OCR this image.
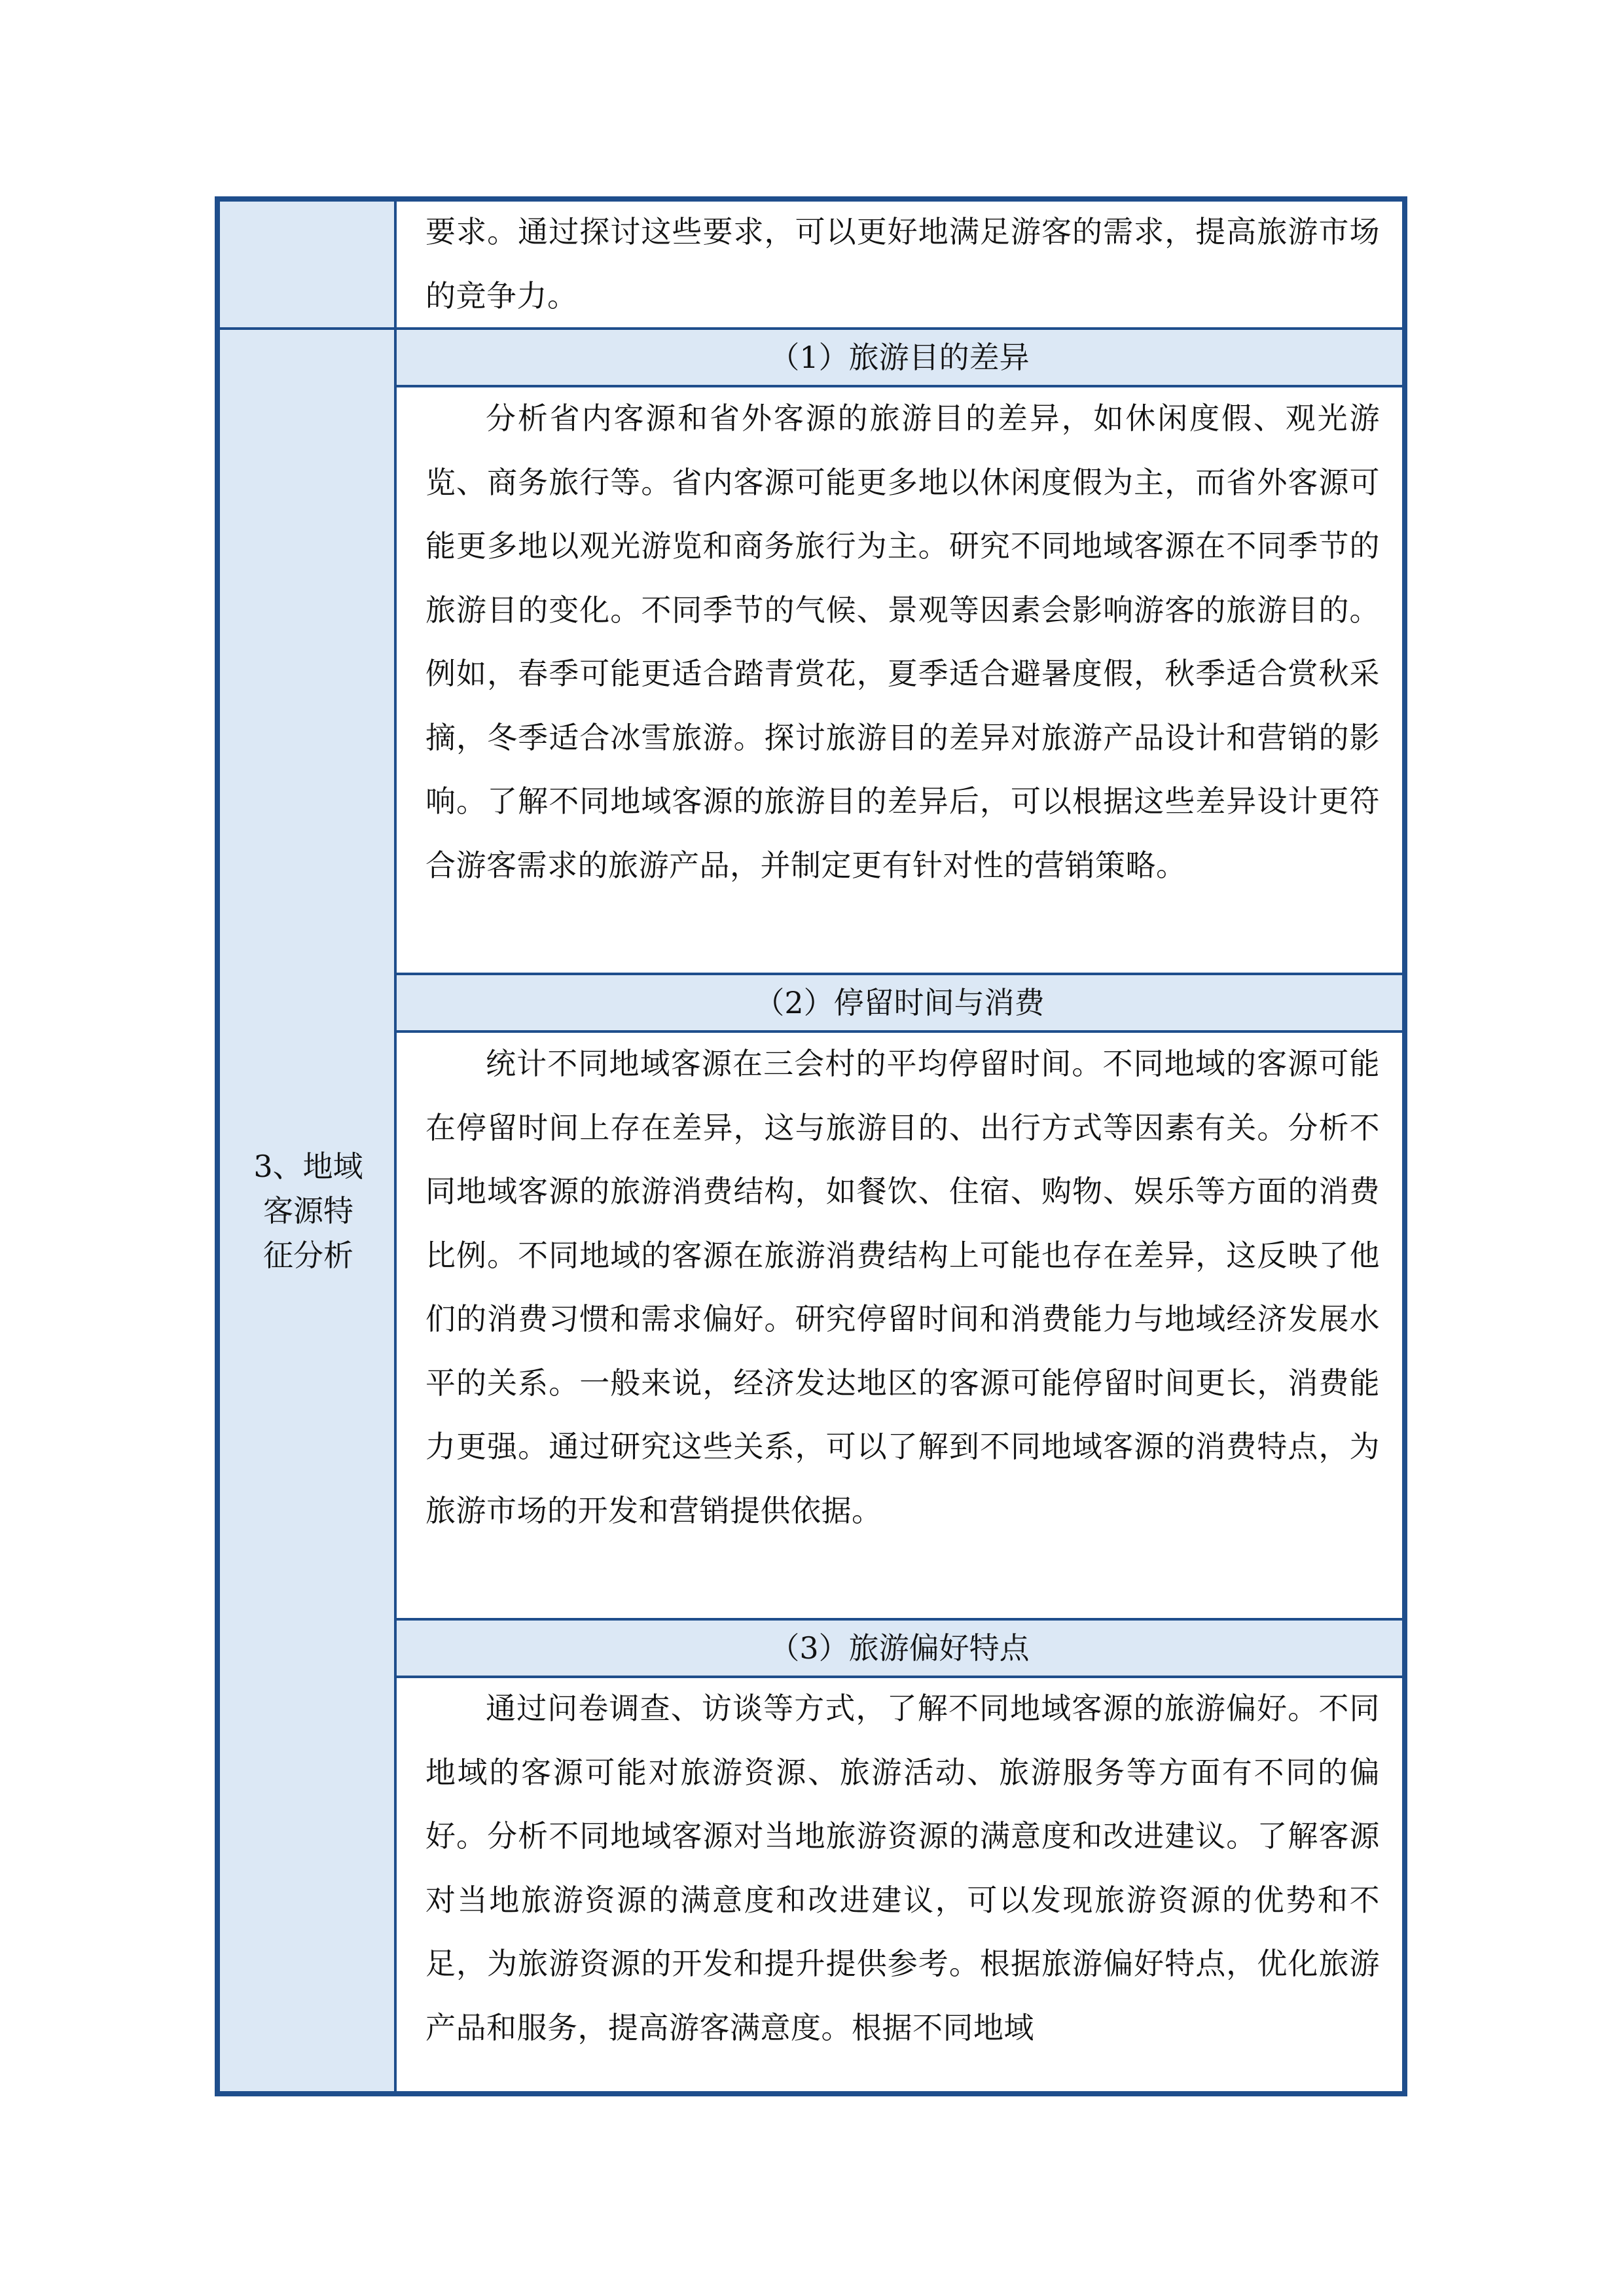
3、地域
客源特
征分析
要求。通过探讨这些要求，可以更好地满足游客的需求，提高旅游市场的竞争力。
（1）旅游目的差异
分析省内客源和省外客源的旅游目的差异，如休闲度假、观光游览、商务旅行等。省内客源可能更多地以休闲度假为主，而省外客源可能更多地以观光游览和商务旅行为主。研究不同地域客源在不同季节的旅游目的变化。不同季节的气候、景观等因素会影响游客的旅游目的。例如，春季可能更适合踏青赏花，夏季适合避暑度假，秋季适合赏秋采摘，冬季适合冰雪旅游。探讨旅游目的差异对旅游产品设计和营销的影响。了解不同地域客源的旅游目的差异后，可以根据这些差异设计更符合游客需求的旅游产品，并制定更有针对性的营销策略。
（2）停留时间与消费
统计不同地域客源在三会村的平均停留时间。不同地域的客源可能在停留时间上存在差异，这与旅游目的、出行方式等因素有关。分析不同地域客源的旅游消费结构，如餐饮、住宿、购物、娱乐等方面的消费比例。不同地域的客源在旅游消费结构上可能也存在差异，这反映了他们的消费习惯和需求偏好。研究停留时间和消费能力与地域经济发展水平的关系。一般来说，经济发达地区的客源可能停留时间更长，消费能力更强。通过研究这些关系，可以了解到不同地域客源的消费特点，为旅游市场的开发和营销提供依据。
（3）旅游偏好特点
通过问卷调查、访谈等方式，了解不同地域客源的旅游偏好。不同地域的客源可能对旅游资源、旅游活动、旅游服务等方面有不同的偏好。分析不同地域客源对当地旅游资源的满意度和改进建议。了解客源对当地旅游资源的满意度和改进建议，可以发现旅游资源的优势和不足，为旅游资源的开发和提升提供参考。根据旅游偏好特点，优化旅游产品和服务，提高游客满意度。根据不同地域
